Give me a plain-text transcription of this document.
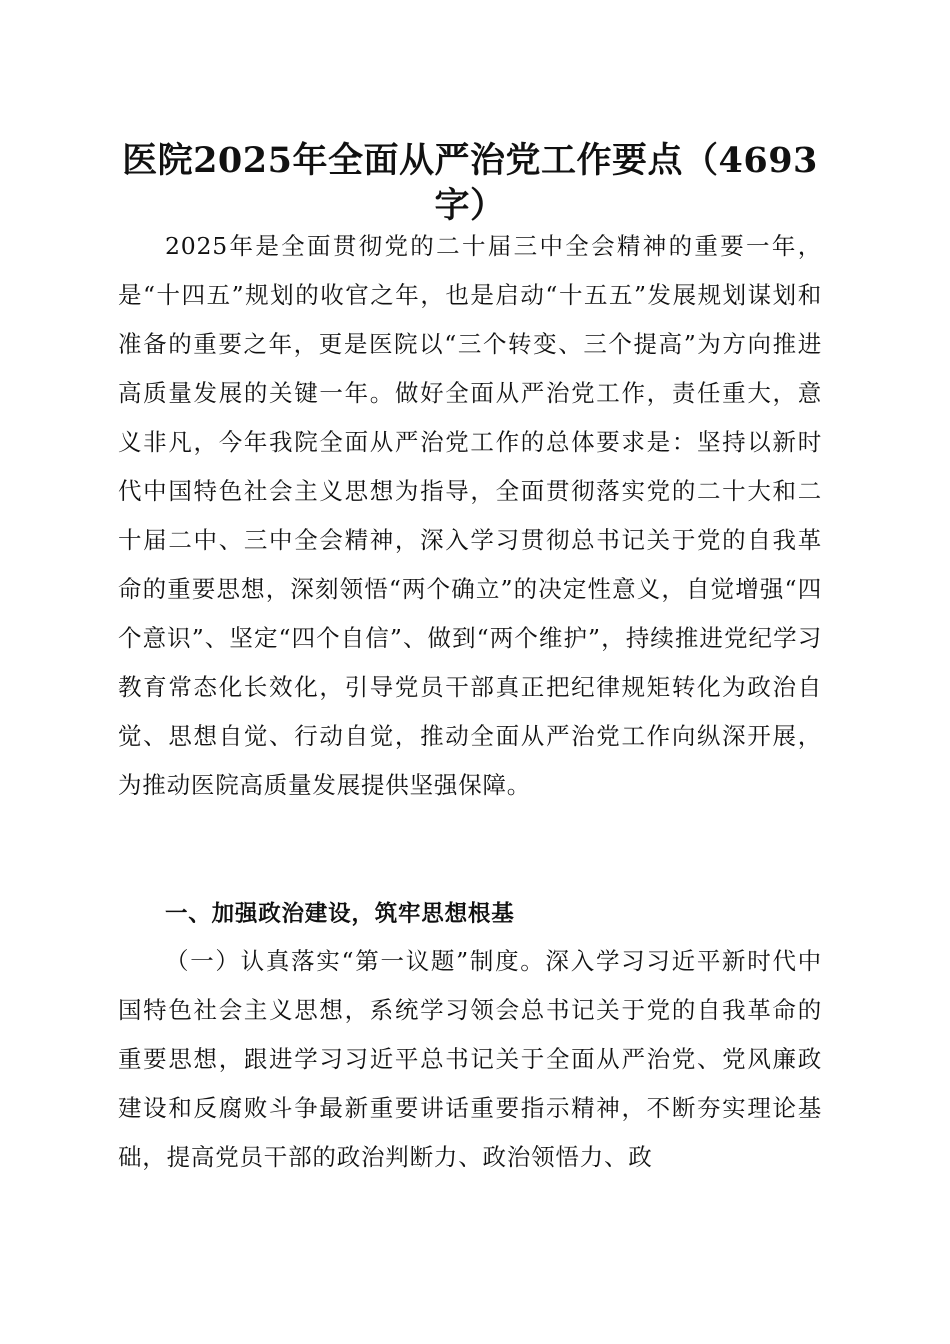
医院2025年全面从严治党工作要点（4693字）

2025年是全面贯彻党的二十届三中全会精神的重要一年，是“十四五”规划的收官之年，也是启动“十五五”发展规划谋划和准备的重要之年，更是医院以“三个转变、三个提高”为方向推进高质量发展的关键一年。做好全面从严治党工作，责任重大，意义非凡，今年我院全面从严治党工作的总体要求是：坚持以新时代中国特色社会主义思想为指导，全面贯彻落实党的二十大和二十届二中、三中全会精神，深入学习贯彻总书记关于党的自我革命的重要思想，深刻领悟“两个确立”的决定性意义，自觉增强“四个意识”、坚定“四个自信”、做到“两个维护”，持续推进党纪学习教育常态化长效化，引导党员干部真正把纪律规矩转化为政治自觉、思想自觉、行动自觉，推动全面从严治党工作向纵深开展，为推动医院高质量发展提供坚强保障。

一、加强政治建设，筑牢思想根基

（一）认真落实“第一议题”制度。深入学习习近平新时代中国特色社会主义思想，系统学习领会总书记关于党的自我革命的重要思想，跟进学习习近平总书记关于全面从严治党、党风廉政建设和反腐败斗争最新重要讲话重要指示精神，不断夯实理论基础，提高党员干部的政治判断力、政治领悟力、政
